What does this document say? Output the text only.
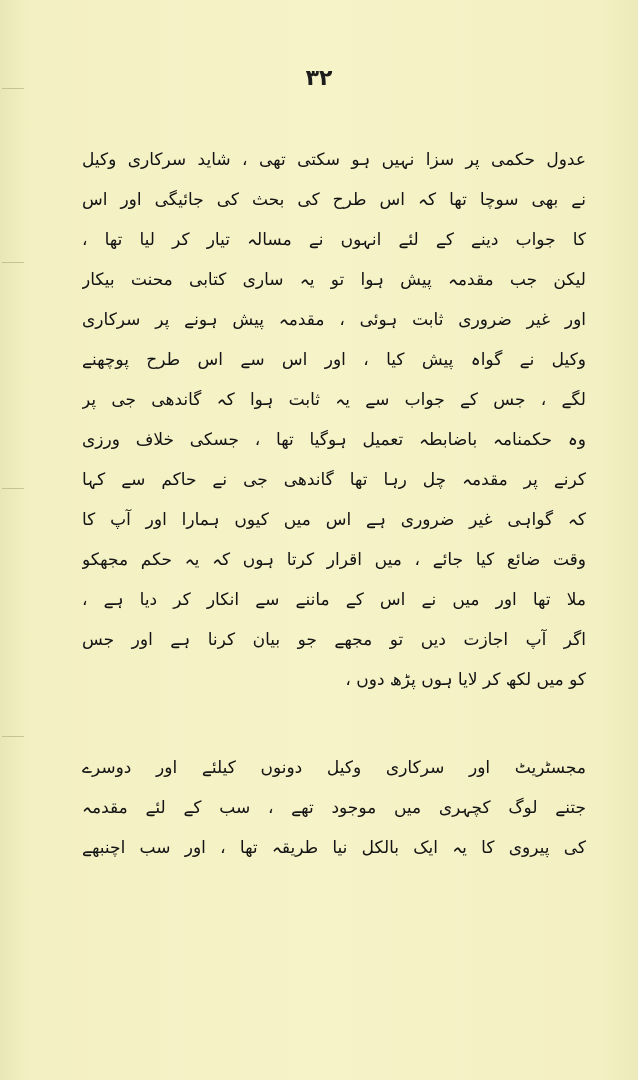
۳۲
عدول حکمی پر سزا نہیں ہو سکتی تھی ، شاید سرکاری وکیل
نے بھی سوچا تھا کہ اس طرح کی بحث کی جائیگی اور اس
کا جواب دینے کے لئے انہوں نے مسالہ تیار کر لیا تھا ،
لیکن جب مقدمہ پیش ہوا تو یہ ساری کتابی محنت بیکار
اور غیر ضروری ثابت ہوئی ، مقدمہ پیش ہونے پر سرکاری
وکیل نے گواہ پیش کیا ، اور اس سے اس طرح پوچھنے
لگے ، جس کے جواب سے یہ ثابت ہوا کہ گاندھی جی پر
وہ حکمنامہ باضابطہ تعمیل ہوگیا تھا ، جسکی خلاف ورزی
کرنے پر مقدمہ چل رہا تھا گاندھی جی نے حاکم سے کہا
کہ گواہی غیر ضروری ہے اس میں کیوں ہمارا اور آپ کا
وقت ضائع کیا جائے ، میں اقرار کرتا ہوں کہ یہ حکم مجھکو
ملا تھا اور میں نے اس کے ماننے سے انکار کر دیا ہے ،
اگر آپ اجازت دیں تو مجھے جو بیان کرنا ہے اور جس
کو میں لکھ کر لایا ہوں پڑھ دوں ،
مجسٹریٹ اور سرکاری وکیل دونوں کیلئے اور دوسرے
جتنے لوگ کچہری میں موجود تھے ، سب کے لئے مقدمہ
کی پیروی کا یہ ایک بالکل نیا طریقہ تھا ، اور سب اچنبھے
